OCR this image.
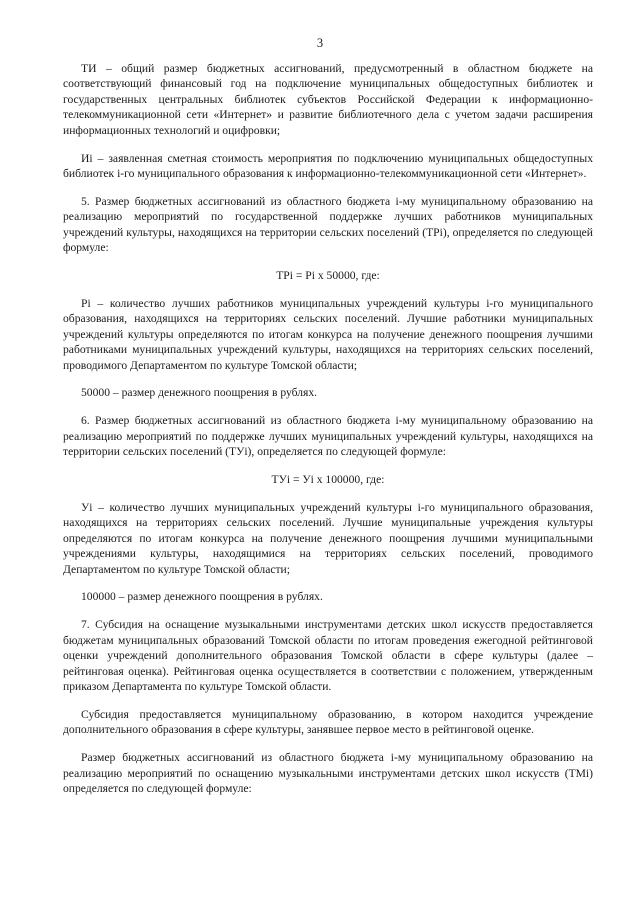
3

ТИ – общий размер бюджетных ассигнований, предусмотренный в областном бюджете на соответствующий финансовый год на подключение муниципальных общедоступных библиотек и государственных центральных библиотек субъектов Российской Федерации к информационно-телекоммуникационной сети «Интернет» и развитие библиотечного дела с учетом задачи расширения информационных технологий и оцифровки;

Иi – заявленная сметная стоимость мероприятия по подключению муниципальных общедоступных библиотек i-го муниципального образования к информационно-телекоммуникационной сети «Интернет».

5. Размер бюджетных ассигнований из областного бюджета i-му муниципальному образованию на реализацию мероприятий по государственной поддержке лучших работников муниципальных учреждений культуры, находящихся на территории сельских поселений (ТРi), определяется по следующей формуле:

ТРi = Рi х 50000, где:

Рi – количество лучших работников муниципальных учреждений культуры i-го муниципального образования, находящихся на территориях сельских поселений. Лучшие работники муниципальных учреждений культуры определяются по итогам конкурса на получение денежного поощрения лучшими работниками муниципальных учреждений культуры, находящихся на территориях сельских поселений, проводимого Департаментом по культуре Томской области;

50000 – размер денежного поощрения в рублях.

6. Размер бюджетных ассигнований из областного бюджета i-му муниципальному образованию на реализацию мероприятий по поддержке лучших муниципальных учреждений культуры, находящихся на территории сельских поселений (ТУi), определяется по следующей формуле:

ТУi = Уi х 100000, где:

Уi – количество лучших муниципальных учреждений культуры i-го муниципального образования, находящихся на территориях сельских поселений. Лучшие муниципальные учреждения культуры определяются по итогам конкурса на получение денежного поощрения лучшими муниципальными учреждениями культуры, находящимися на территориях сельских поселений, проводимого Департаментом по культуре Томской области;

100000 – размер денежного поощрения в рублях.

7. Субсидия на оснащение музыкальными инструментами детских школ искусств предоставляется бюджетам муниципальных образований Томской области по итогам проведения ежегодной рейтинговой оценки учреждений дополнительного образования Томской области в сфере культуры (далее – рейтинговая оценка). Рейтинговая оценка осуществляется в соответствии с положением, утвержденным приказом Департамента по культуре Томской области.

Субсидия предоставляется муниципальному образованию, в котором находится учреждение дополнительного образования в сфере культуры, занявшее первое место в рейтинговой оценке.

Размер бюджетных ассигнований из областного бюджета i-му муниципальному образованию на реализацию мероприятий по оснащению музыкальными инструментами детских школ искусств (ТМi) определяется по следующей формуле:
